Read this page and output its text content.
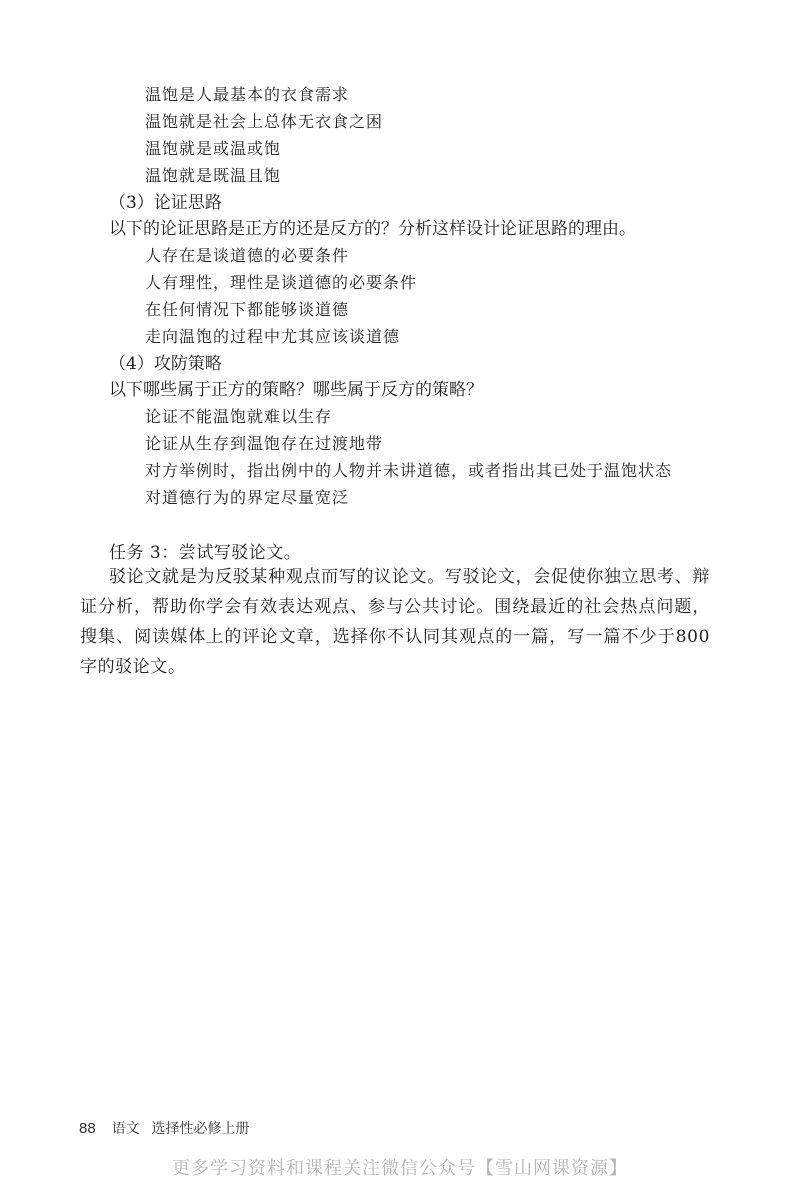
温饱是人最基本的衣食需求
温饱就是社会上总体无衣食之困
温饱就是或温或饱
温饱就是既温且饱
（3）论证思路
以下的论证思路是正方的还是反方的？分析这样设计论证思路的理由。
人存在是谈道德的必要条件
人有理性，理性是谈道德的必要条件
在任何情况下都能够谈道德
走向温饱的过程中尤其应该谈道德
（4）攻防策略
以下哪些属于正方的策略？哪些属于反方的策略？
论证不能温饱就难以生存
论证从生存到温饱存在过渡地带
对方举例时，指出例中的人物并未讲道德，或者指出其已处于温饱状态
对道德行为的界定尽量宽泛
任务 3：尝试写驳论文。
驳论文就是为反驳某种观点而写的议论文。写驳论文，会促使你独立思考、辩证分析，帮助你学会有效表达观点、参与公共讨论。围绕最近的社会热点问题，搜集、阅读媒体上的评论文章，选择你不认同其观点的一篇，写一篇不少于800字的驳论文。
88 语文 选择性必修上册
更多学习资料和课程关注微信公众号【雪山网课资源】
